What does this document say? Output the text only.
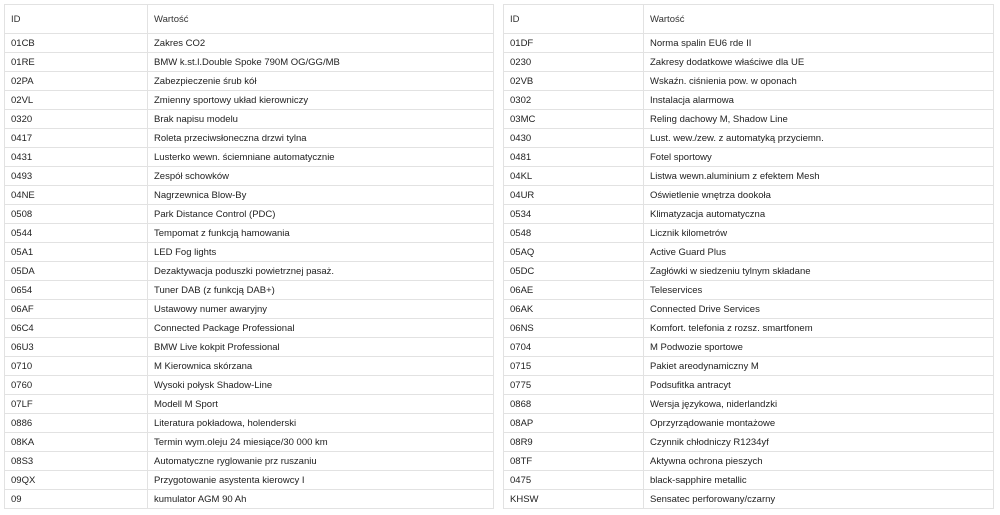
ID	Wartość
01CB	Zakres CO2
01RE	BMW k.st.l.Double Spoke 790M OG/GG/MB
02PA	Zabezpieczenie śrub kół
02VL	Zmienny sportowy układ kierowniczy
0320	Brak napisu modelu
0417	Roleta przeciwsłoneczna drzwi tylna
0431	Lusterko wewn. ściemniane automatycznie
0493	Zespół schowków
04NE	Nagrzewnica Blow-By
0508	Park Distance Control (PDC)
0544	Tempomat z funkcją hamowania
05A1	LED Fog lights
05DA	Dezaktywacja poduszki powietrznej pasaż.
0654	Tuner DAB (z funkcją DAB+)
06AF	Ustawowy numer awaryjny
06C4	Connected Package Professional
06U3	BMW Live kokpit Professional
0710	M Kierownica skórzana
0760	Wysoki połysk Shadow-Line
07LF	Modell M Sport
0886	Literatura pokładowa, holenderski
08KA	Termin wym.oleju 24 miesiące/30 000 km
08S3	Automatyczne ryglowanie prz ruszaniu
09QX	Przygotowanie asystenta kierowcy I
09	kumulator AGM 90 Ah
ID	Wartość
01DF	Norma spalin EU6 rde II
0230	Zakresy dodatkowe właściwe dla UE
02VB	Wskaźn. ciśnienia pow. w oponach
0302	Instalacja alarmowa
03MC	Reling dachowy M, Shadow Line
0430	Lust. wew./zew. z automatyką przyciemn.
0481	Fotel sportowy
04KL	Listwa wewn.aluminium z efektem Mesh
04UR	Oświetlenie wnętrza dookoła
0534	Klimatyzacja automatyczna
0548	Licznik kilometrów
05AQ	Active Guard Plus
05DC	Zagłówki w siedzeniu tylnym składane
06AE	Teleservices
06AK	Connected Drive Services
06NS	Komfort. telefonia z rozsz. smartfonem
0704	M Podwozie sportowe
0715	Pakiet areodynamiczny M
0775	Podsufitka antracyt
0868	Wersja językowa, niderlandzki
08AP	Oprzyrządowanie montażowe
08R9	Czynnik chłodniczy R1234yf
08TF	Aktywna ochrona pieszych
0475	black-sapphire metallic
KHSW	Sensatec perforowany/czarny
